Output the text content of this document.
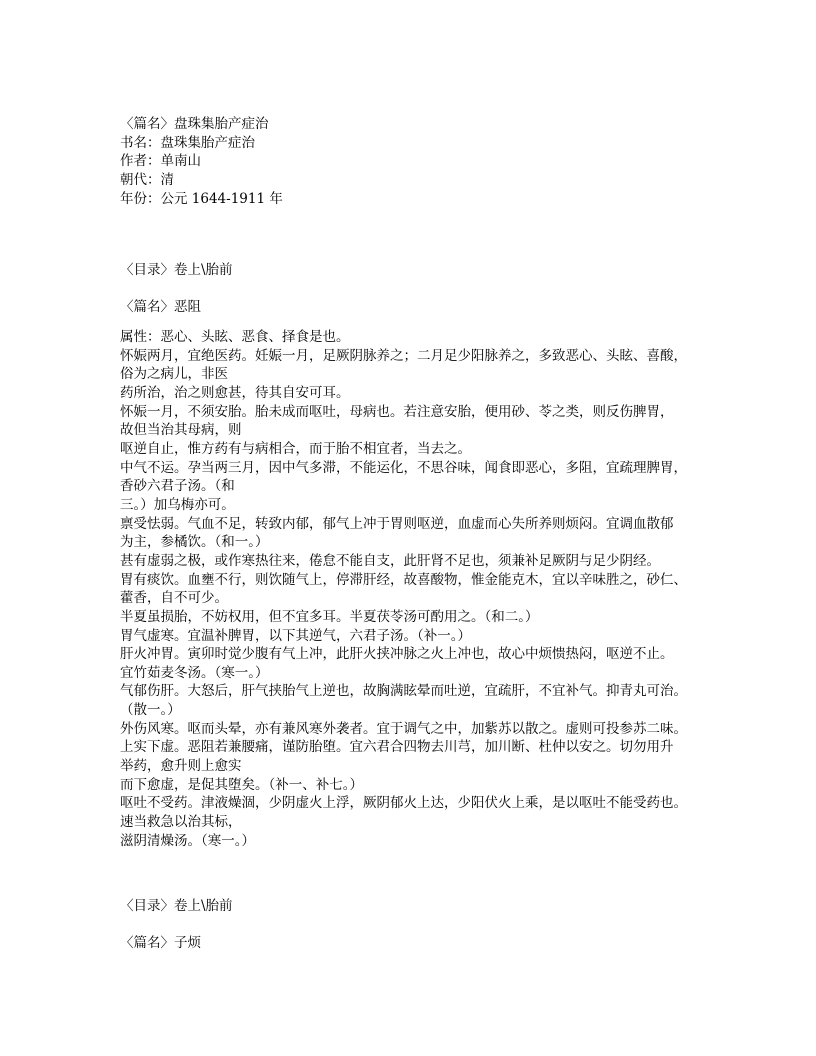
〈篇名〉盘珠集胎产症治
书名：盘珠集胎产症治
作者：单南山
朝代：清
年份：公元 1644-1911 年
〈目录〉卷上\胎前
〈篇名〉恶阻
属性：恶心、头眩、恶食、择食是也。
怀娠两月，宜绝医药。妊娠一月，足厥阴脉养之；二月足少阳脉养之，多致恶心、头眩、喜酸，
俗为之病儿，非医
药所治，治之则愈甚，待其自安可耳。
怀娠一月，不须安胎。胎未成而呕吐，母病也。若注意安胎，便用砂、苓之类，则反伤脾胃，
故但当治其母病，则
呕逆自止，惟方药有与病相合，而于胎不相宜者，当去之。
中气不运。孕当两三月，因中气多滞，不能运化，不思谷味，闻食即恶心，多阻，宜疏理脾胃，
香砂六君子汤。（和
三。）加乌梅亦可。
禀受怯弱。气血不足，转致内郁，郁气上冲于胃则呕逆，血虚而心失所养则烦闷。宜调血散郁
为主，参橘饮。（和一。）
甚有虚弱之极，或作寒热往来，倦怠不能自支，此肝肾不足也，须兼补足厥阴与足少阴经。
胃有痰饮。血壅不行，则饮随气上，停滞肝经，故喜酸物，惟金能克木，宜以辛味胜之，砂仁、
藿香，自不可少。
半夏虽损胎，不妨权用，但不宜多耳。半夏茯苓汤可酌用之。（和二。）
胃气虚寒。宜温补脾胃，以下其逆气，六君子汤。（补一。）
肝火冲胃。寅卯时觉少腹有气上冲，此肝火挟冲脉之火上冲也，故心中烦愦热闷，呕逆不止。
宜竹茹麦冬汤。（寒一。）
气郁伤肝。大怒后，肝气挟胎气上逆也，故胸满眩晕而吐逆，宜疏肝，不宜补气。抑青丸可治。
（散一。）
外伤风寒。呕而头晕，亦有兼风寒外袭者。宜于调气之中，加紫苏以散之。虚则可投参苏二味。
上实下虚。恶阻若兼腰痛，谨防胎堕。宜六君合四物去川芎，加川断、杜仲以安之。切勿用升
举药，愈升则上愈实
而下愈虚，是促其堕矣。（补一、补七。）
呕吐不受药。津液燥涸，少阴虚火上浮，厥阴郁火上达，少阳伏火上乘，是以呕吐不能受药也。
速当救急以治其标，
滋阴清燥汤。（寒一。）
〈目录〉卷上\胎前
〈篇名〉子烦
